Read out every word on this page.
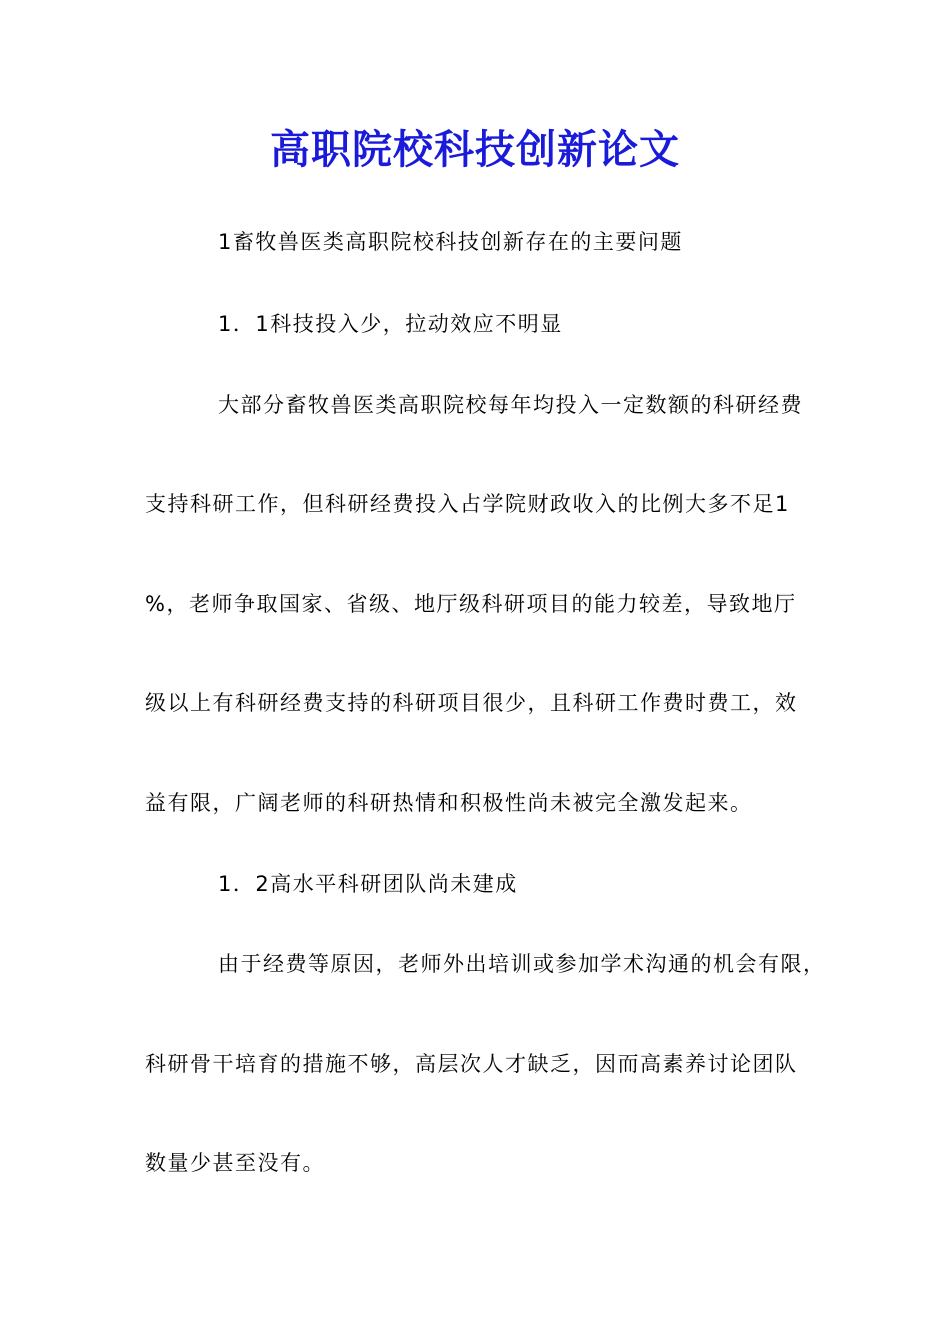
高职院校科技创新论文
1畜牧兽医类高职院校科技创新存在的主要问题
1．1科技投入少，拉动效应不明显
大部分畜牧兽医类高职院校每年均投入一定数额的科研经费
支持科研工作，但科研经费投入占学院财政收入的比例大多不足1
%，老师争取国家、省级、地厅级科研项目的能力较差，导致地厅
级以上有科研经费支持的科研项目很少，且科研工作费时费工，效
益有限，广阔老师的科研热情和积极性尚未被完全激发起来。
1．2高水平科研团队尚未建成
由于经费等原因，老师外出培训或参加学术沟通的机会有限，
科研骨干培育的措施不够，高层次人才缺乏，因而高素养讨论团队
数量少甚至没有。
